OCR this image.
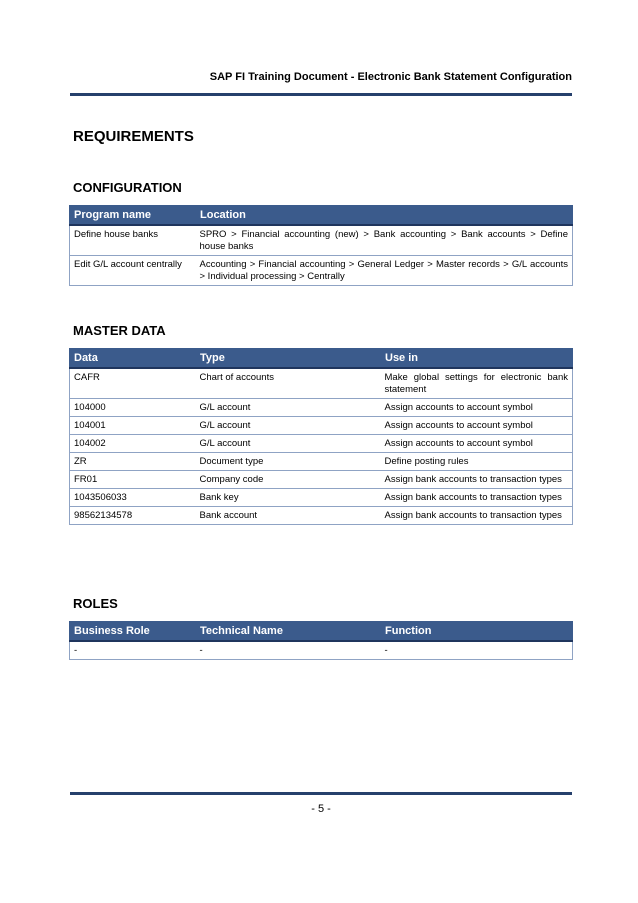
SAP FI Training Document - Electronic Bank Statement Configuration
REQUIREMENTS
CONFIGURATION
Program name	Location
Define house banks	SPRO > Financial accounting (new) > Bank accounting > Bank accounts > Define house banks
Edit G/L account centrally	Accounting > Financial accounting > General Ledger > Master records > G/L accounts > Individual processing > Centrally
MASTER DATA
Data	Type	Use in
CAFR	Chart of accounts	Make global settings for electronic bank statement
104000	G/L account	Assign accounts to account symbol
104001	G/L account	Assign accounts to account symbol
104002	G/L account	Assign accounts to account symbol
ZR	Document type	Define posting rules
FR01	Company code	Assign bank accounts to transaction types
1043506033	Bank key	Assign bank accounts to transaction types
98562134578	Bank account	Assign bank accounts to transaction types
ROLES
Business Role	Technical Name	Function
-	-	-
- 5 -
